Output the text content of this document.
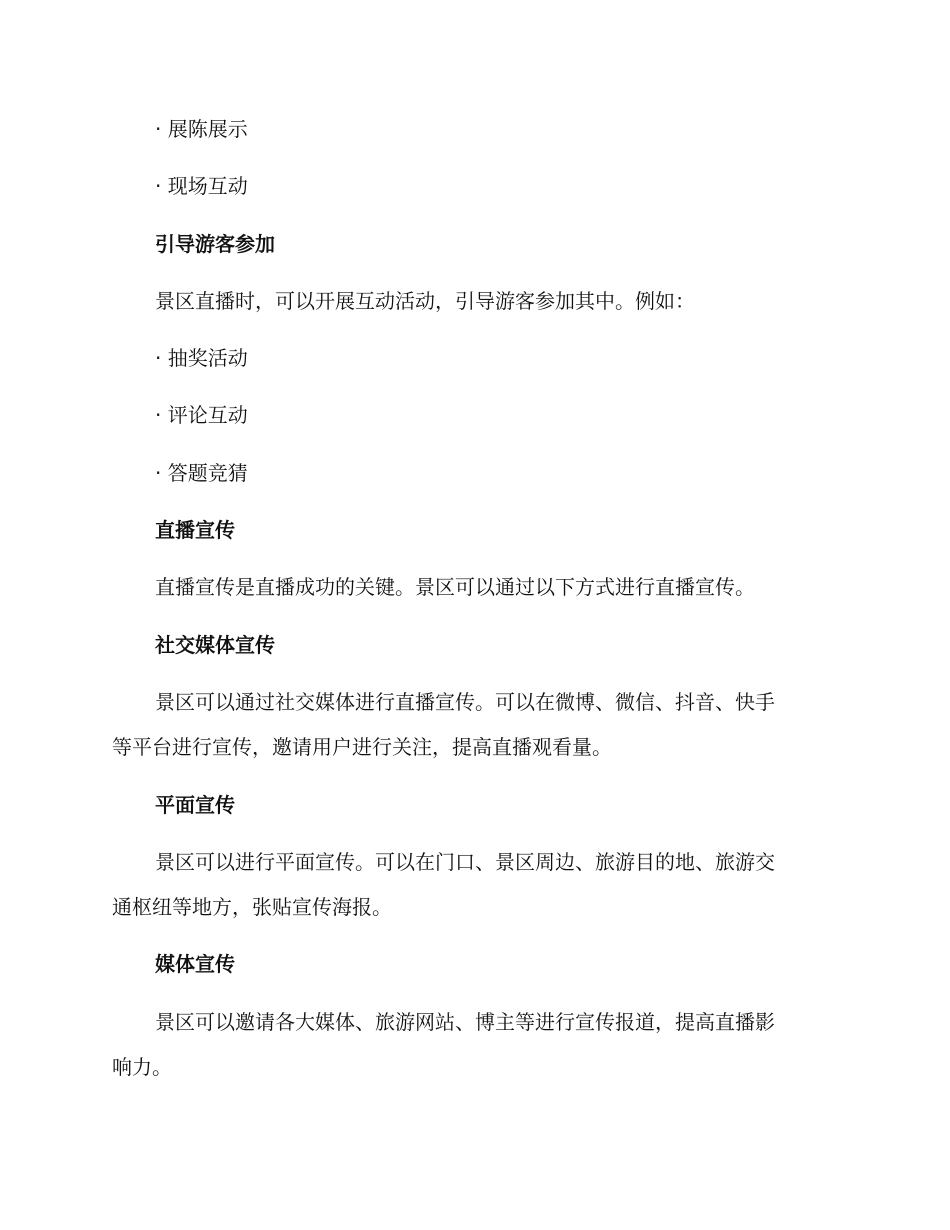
· 展陈展示

· 现场互动

引导游客参加

景区直播时，可以开展互动活动，引导游客参加其中。例如：

· 抽奖活动

· 评论互动

· 答题竞猜

直播宣传

直播宣传是直播成功的关键。景区可以通过以下方式进行直播宣传。

社交媒体宣传

景区可以通过社交媒体进行直播宣传。可以在微博、微信、抖音、快手

等平台进行宣传，邀请用户进行关注，提高直播观看量。

平面宣传

景区可以进行平面宣传。可以在门口、景区周边、旅游目的地、旅游交

通枢纽等地方，张贴宣传海报。

媒体宣传

景区可以邀请各大媒体、旅游网站、博主等进行宣传报道，提高直播影

响力。
